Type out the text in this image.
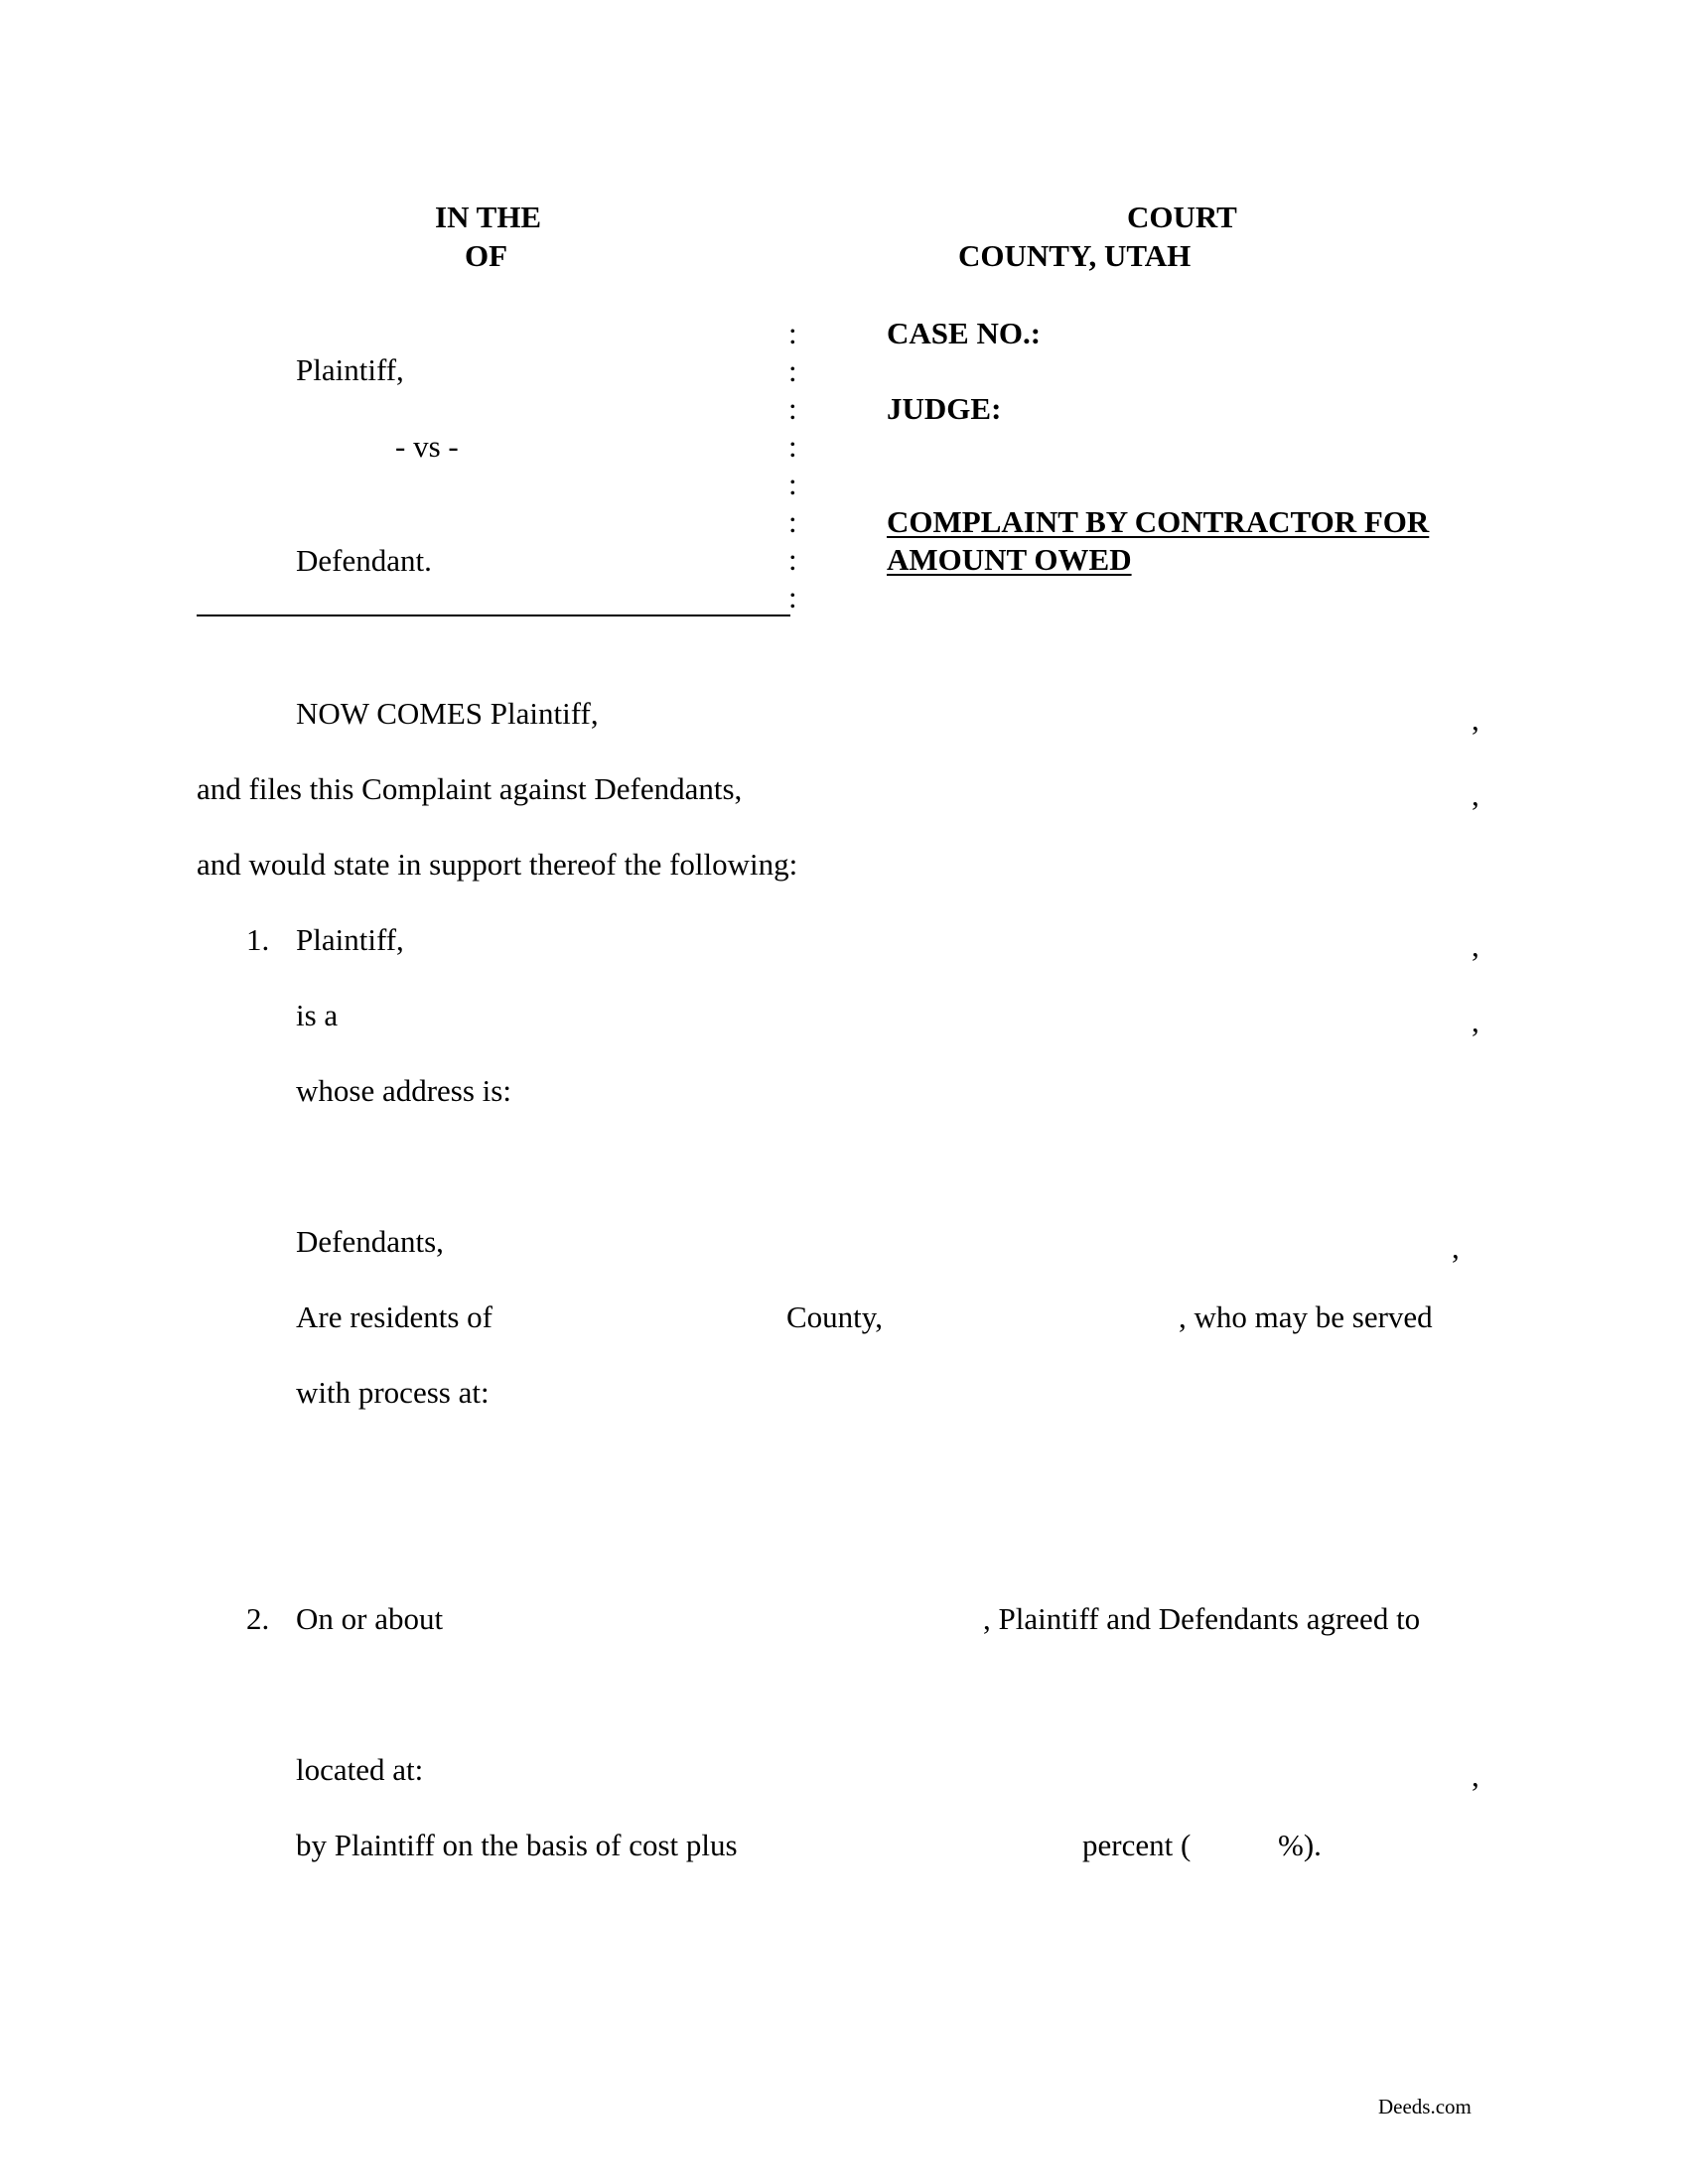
IN THE	COURT
OF	COUNTY, UTAH
Plaintiff,
- vs -
Defendant.
:
:
:
:
:
:
:
:
CASE NO.:
JUDGE:
COMPLAINT BY CONTRACTOR FOR
AMOUNT OWED
NOW COMES Plaintiff,	,
and files this Complaint against Defendants,	,
and would state in support thereof the following:
1. Plaintiff,	,
is a	,
whose address is:
Defendants,	,
Are residents of	County,	, who may be served
with process at:
2. On or about	, Plaintiff and Defendants agreed to
located at:	,
by Plaintiff on the basis of cost plus	percent (	%).
Deeds.com
